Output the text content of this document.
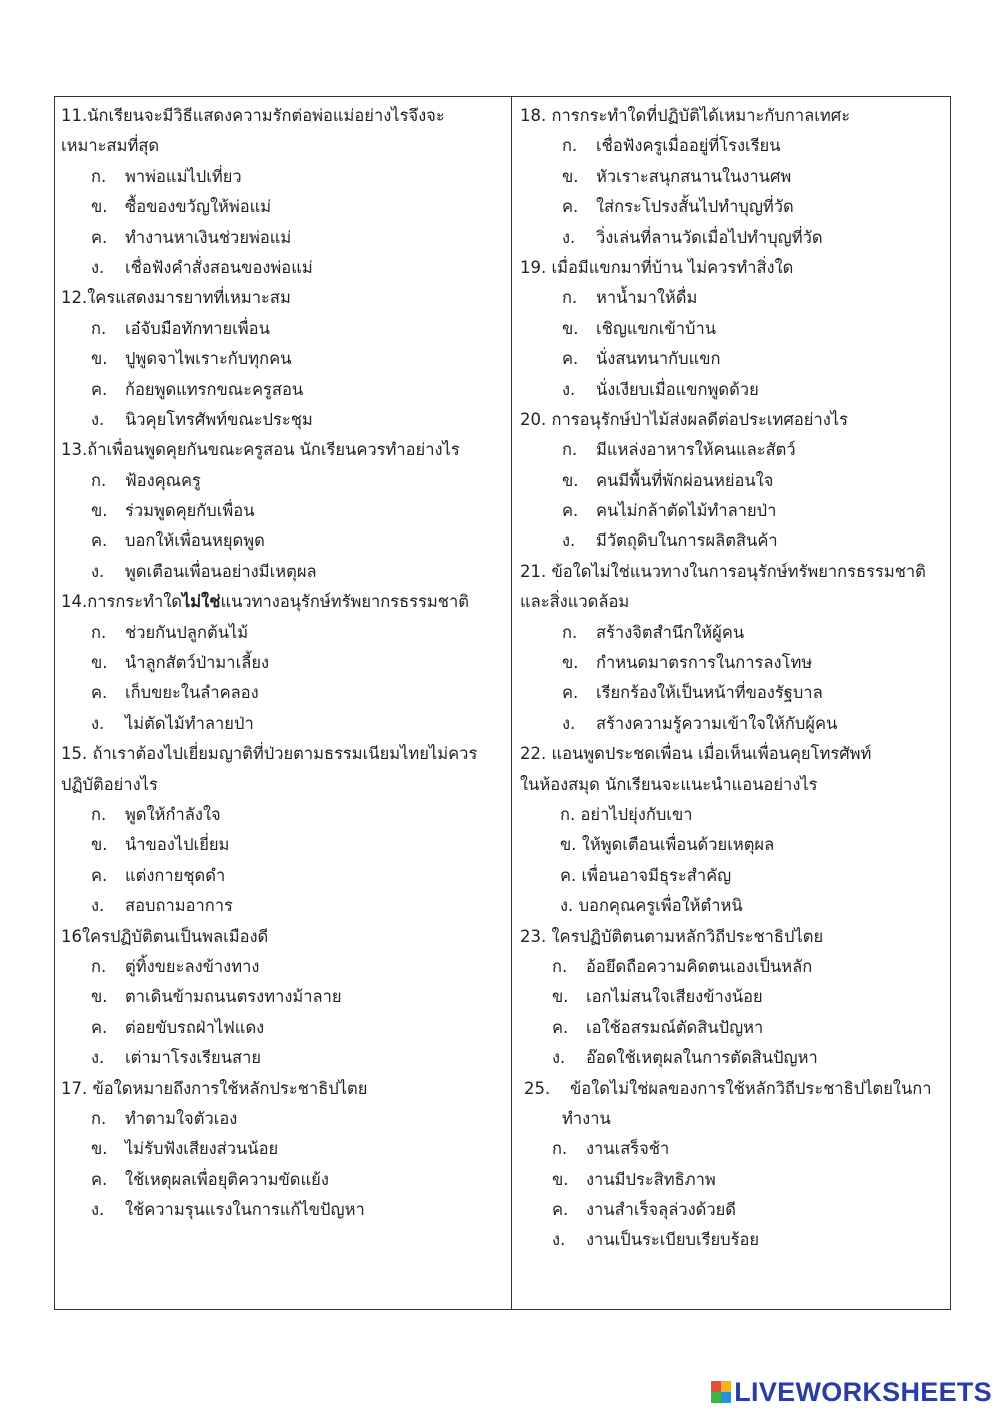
11.นักเรียนจะมีวิธีแสดงความรักต่อพ่อแม่อย่างไรจึงจะ
เหมาะสมที่สุด
ก.	พาพ่อแม่ไปเที่ยว
ข.	ซื้อของขวัญให้พ่อแม่
ค.	ทำงานหาเงินช่วยพ่อแม่
ง.	เชื่อฟังคำสั่งสอนของพ่อแม่
12.ใครแสดงมารยาทที่เหมาะสม
ก.	เอ๋จับมือทักทายเพื่อน
ข.	ปูพูดจาไพเราะกับทุกคน
ค.	ก้อยพูดแทรกขณะครูสอน
ง.	นิวคุยโทรศัพท์ขณะประชุม
13.ถ้าเพื่อนพูดคุยกันขณะครูสอน นักเรียนควรทำอย่างไร
ก.	ฟ้องคุณครู
ข.	ร่วมพูดคุยกับเพื่อน
ค.	บอกให้เพื่อนหยุดพูด
ง.	พูดเตือนเพื่อนอย่างมีเหตุผล
14.การกระทำใดไม่ใช่แนวทางอนุรักษ์ทรัพยากรธรรมชาติ
ก.	ช่วยกันปลูกต้นไม้
ข.	นำลูกสัตว์ป่ามาเลี้ยง
ค.	เก็บขยะในลำคลอง
ง.	ไม่ตัดไม้ทำลายป่า
15. ถ้าเราต้องไปเยี่ยมญาติที่ป่วยตามธรรมเนียมไทยไม่ควร
ปฏิบัติอย่างไร
ก.	พูดให้กำลังใจ
ข.	นำของไปเยี่ยม
ค.	แต่งกายชุดดำ
ง.	สอบถามอาการ
16ใครปฏิบัติตนเป็นพลเมืองดี
ก.	ตู่ทิ้งขยะลงข้างทาง
ข.	ตาเดินข้ามถนนตรงทางม้าลาย
ค.	ต่อยขับรถฝ่าไฟแดง
ง.	เต่ามาโรงเรียนสาย
17. ข้อใดหมายถึงการใช้หลักประชาธิปไตย
ก.	ทำตามใจตัวเอง
ข.	ไม่รับฟังเสียงส่วนน้อย
ค.	ใช้เหตุผลเพื่อยุติความขัดแย้ง
ง.	ใช้ความรุนแรงในการแก้ไขปัญหา
18. การกระทำใดที่ปฏิบัติได้เหมาะกับกาลเทศะ
ก.	เชื่อฟังครูเมื่ออยู่ที่โรงเรียน
ข.	หัวเราะสนุกสนานในงานศพ
ค.	ใส่กระโปรงสั้นไปทำบุญที่วัด
ง.	วิ่งเล่นที่ลานวัดเมื่อไปทำบุญที่วัด
19. เมื่อมีแขกมาที่บ้าน ไม่ควรทำสิ่งใด
ก.	หาน้ำมาให้ดื่ม
ข.	เชิญแขกเข้าบ้าน
ค.	นั่งสนทนากับแขก
ง.	นั่งเงียบเมื่อแขกพูดด้วย
20. การอนุรักษ์ป่าไม้ส่งผลดีต่อประเทศอย่างไร
ก.	มีแหล่งอาหารให้คนและสัตว์
ข.	คนมีพื้นที่พักผ่อนหย่อนใจ
ค.	คนไม่กล้าตัดไม้ทำลายป่า
ง.	มีวัตถุดิบในการผลิตสินค้า
21. ข้อใดไม่ใช่แนวทางในการอนุรักษ์ทรัพยากรธรรมชาติ
และสิ่งแวดล้อม
ก.	สร้างจิตสำนึกให้ผู้คน
ข.	กำหนดมาตรการในการลงโทษ
ค.	เรียกร้องให้เป็นหน้าที่ของรัฐบาล
ง.	สร้างความรู้ความเข้าใจให้กับผู้คน
22. แอนพูดประชดเพื่อน เมื่อเห็นเพื่อนคุยโทรศัพท์
ในห้องสมุด นักเรียนจะแนะนำแอนอย่างไร
ก. อย่าไปยุ่งกับเขา
ข. ให้พูดเตือนเพื่อนด้วยเหตุผล
ค. เพื่อนอาจมีธุระสำคัญ
ง. บอกคุณครูเพื่อให้ตำหนิ
23. ใครปฏิบัติตนตามหลักวิถีประชาธิปไตย
ก.	อ้อยึดถือความคิดตนเองเป็นหลัก
ข.	เอกไม่สนใจเสียงข้างน้อย
ค.	เอใช้อสรมณ์ตัดสินปัญหา
ง.	อ๊อดใช้เหตุผลในการตัดสินปัญหา
25.	ข้อใดไม่ใช่ผลของการใช้หลักวิถีประชาธิปไตยในกา
ทำงาน
ก.	งานเสร็จช้า
ข.	งานมีประสิทธิภาพ
ค.	งานสำเร็จลุล่วงด้วยดี
ง.	งานเป็นระเบียบเรียบร้อย
LIVEWORKSHEETS
